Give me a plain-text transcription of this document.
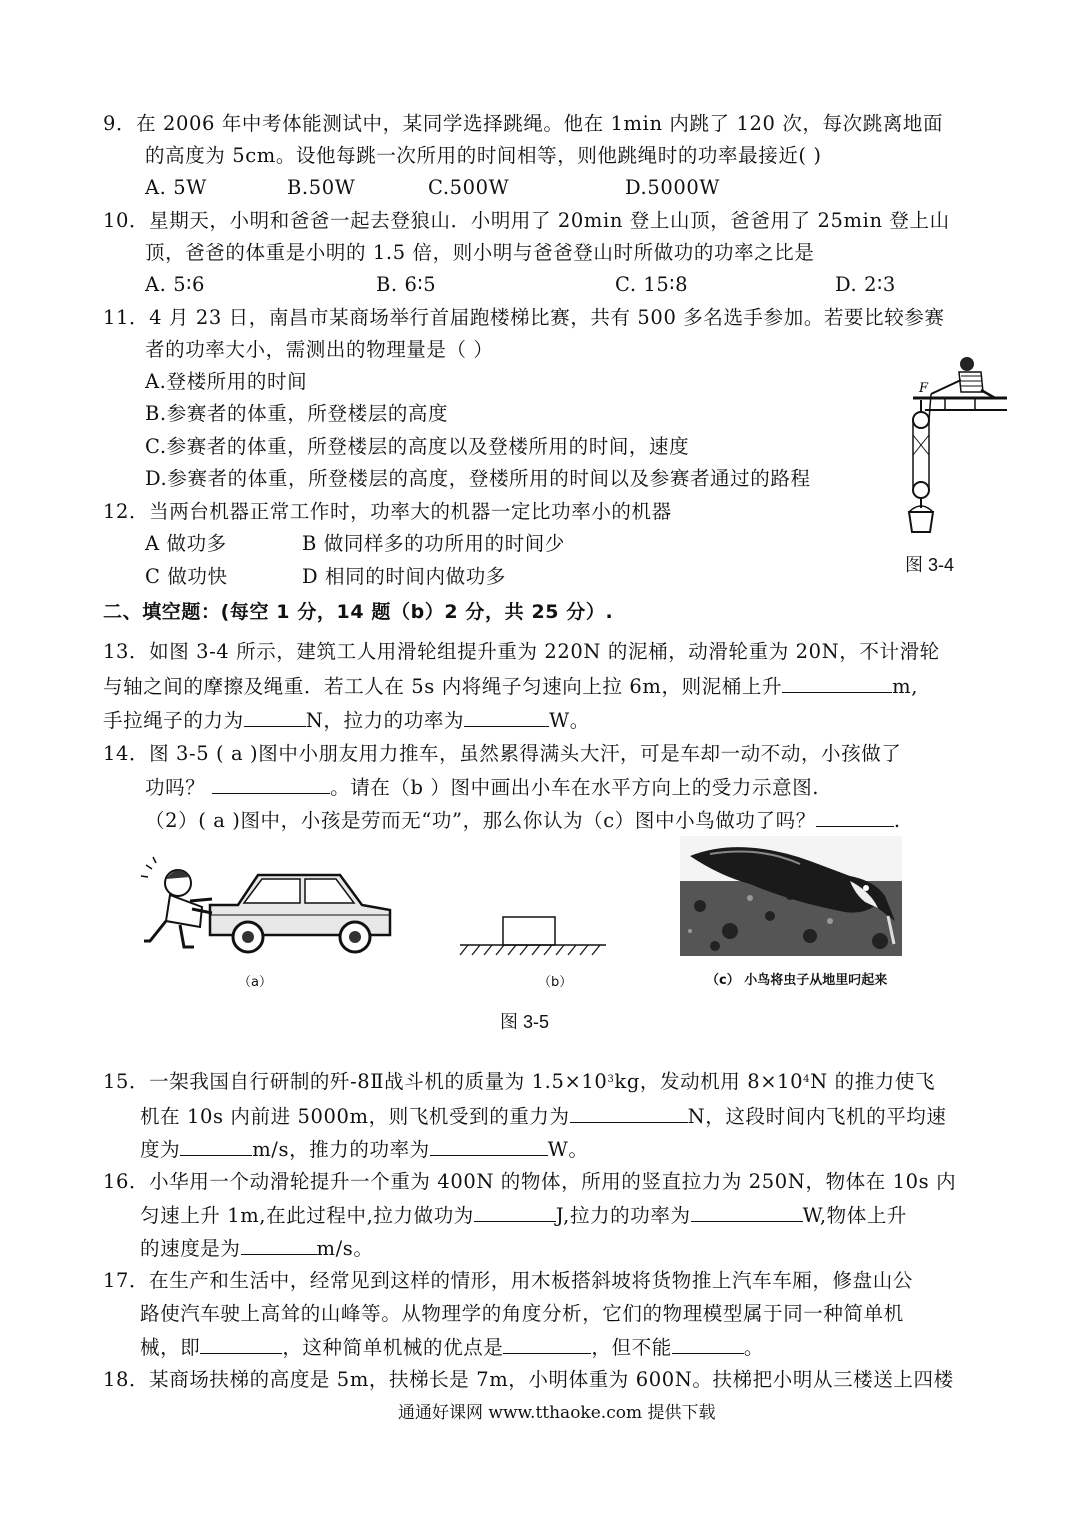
9．在 2006 年中考体能测试中，某同学选择跳绳。他在 1min 内跳了 120 次，每次跳离地面
的高度为 5cm。设他每跳一次所用的时间相等，则他跳绳时的功率最接近( )
A. 5W	B.50W	C.500W	D.5000W
10．星期天，小明和爸爸一起去登狼山．小明用了 20min 登上山顶，爸爸用了 25min 登上山
顶，爸爸的体重是小明的 1.5 倍，则小明与爸爸登山时所做功的功率之比是
A. 5∶6	B. 6∶5	C. 15∶8	D. 2∶3
11．4 月 23 日，南昌市某商场举行首届跑楼梯比赛，共有 500 多名选手参加。若要比较参赛
者的功率大小，需测出的物理量是（ ）
A.登楼所用的时间
B.参赛者的体重，所登楼层的高度
C.参赛者的体重，所登楼层的高度以及登楼所用的时间，速度
D.参赛者的体重，所登楼层的高度，登楼所用的时间以及参赛者通过的路程
12．当两台机器正常工作时，功率大的机器一定比功率小的机器
A 做功多	B 做同样多的功所用的时间少
C 做功快	D 相同的时间内做功多
F
图 3-4
二、填空题：(每空 1 分，14 题（b）2 分，共 25 分）.
13．如图 3-4 所示，建筑工人用滑轮组提升重为 220N 的泥桶，动滑轮重为 20N，不计滑轮
与轴之间的摩擦及绳重．若工人在 5s 内将绳子匀速向上拉 6m，则泥桶上升	m,
手拉绳子的力为	N，拉力的功率为	W。
14．图 3-5 ( a )图中小朋友用力推车，虽然累得满头大汗，可是车却一动不动，小孩做了
功吗？	。请在（b ）图中画出小车在水平方向上的受力示意图.
（2）( a )图中，小孩是劳而无“功”，那么你认为（c）图中小鸟做功了吗？	.
（a）	（b）	（c） 小鸟将虫子从地里叼起来
图 3-5
15．一架我国自行研制的歼-8Ⅱ战斗机的质量为 $1.5\times 10^3kg$，发动机用 $8\times 10^4N$ 的推力使飞
机在 10s 内前进 5000m，则飞机受到的重力为	N，这段时间内飞机的平均速
度为	m/s，推力的功率为	W。
16．小华用一个动滑轮提升一个重为 400N 的物体，所用的竖直拉力为 250N，物体在 10s 内
匀速上升 1m,在此过程中,拉力做功为	J,拉力的功率为	W,物体上升
的速度是为	m/s。
17．在生产和生活中，经常见到这样的情形，用木板搭斜坡将货物推上汽车车厢，修盘山公
路使汽车驶上高耸的山峰等。从物理学的角度分析，它们的物理模型属于同一种简单机
械，即	，这种简单机械的优点是	，但不能	。
18．某商场扶梯的高度是 5m，扶梯长是 7m，小明体重为 600N。扶梯把小明从三楼送上四楼
通通好课网 www.tthaoke.com 提供下载
